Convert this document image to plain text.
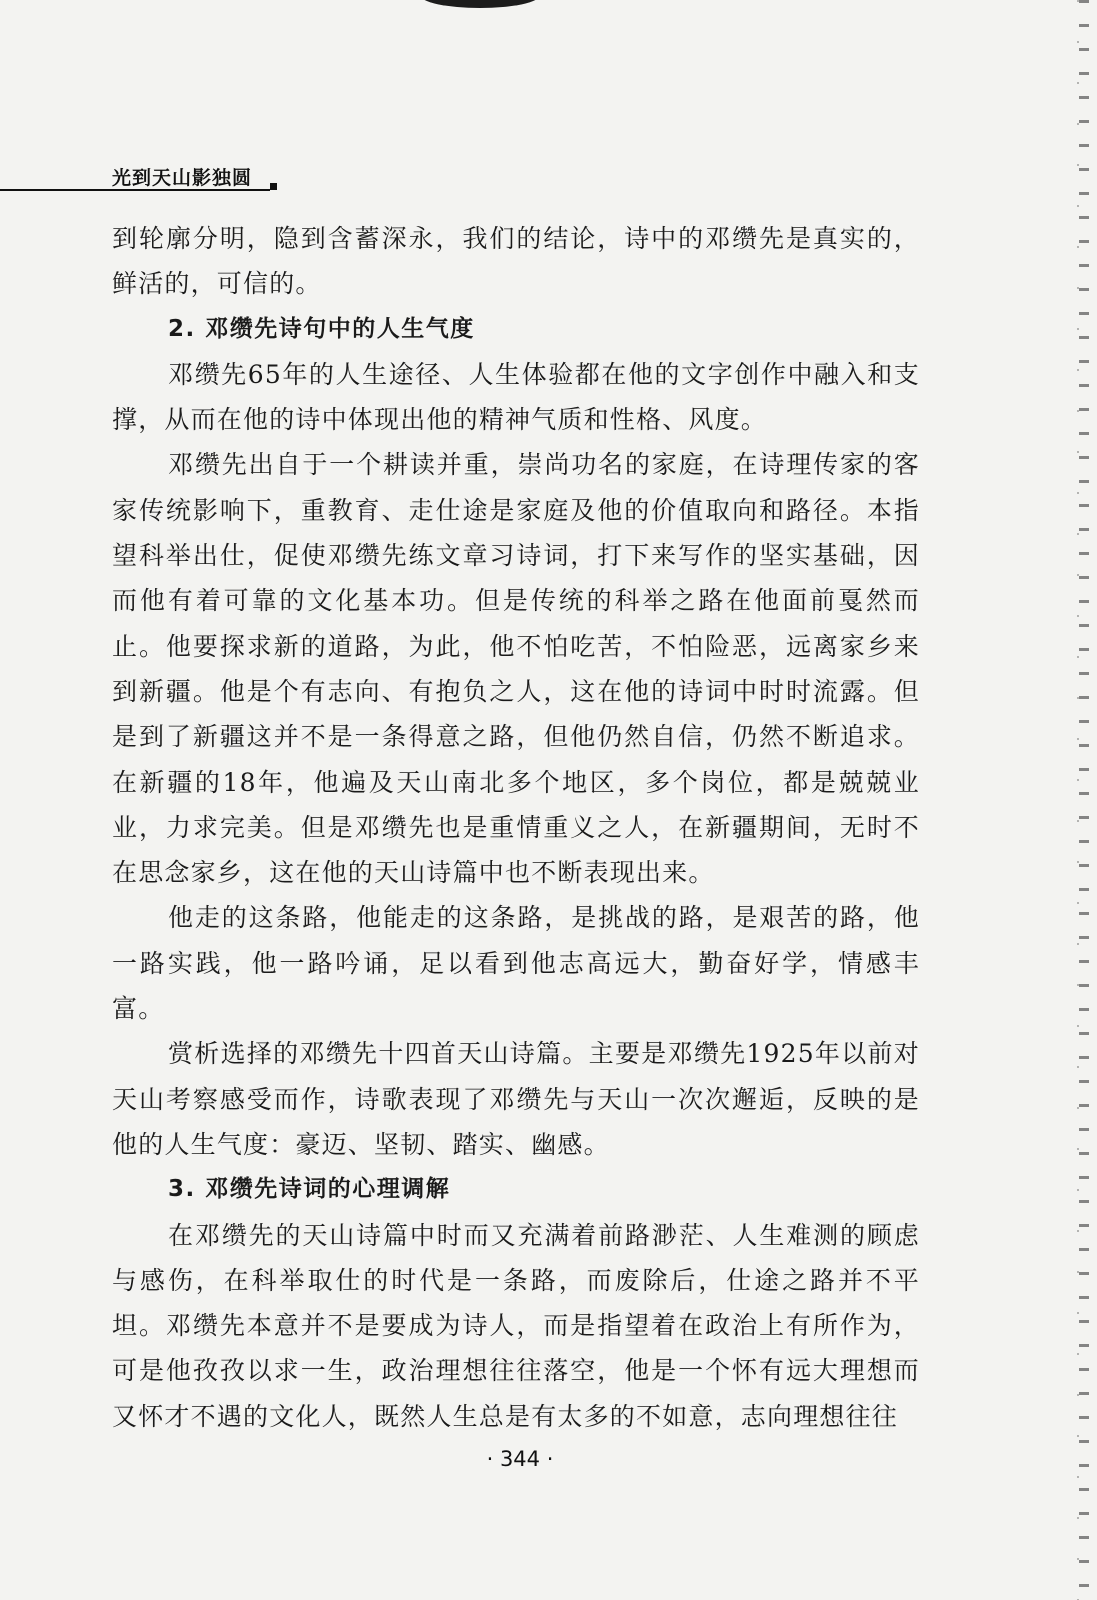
光到天山影独圆

到轮廓分明，隐到含蓄深永，我们的结论，诗中的邓缵先是真实的，鲜活的，可信的。

2. 邓缵先诗句中的人生气度

邓缵先65年的人生途径、人生体验都在他的文字创作中融入和支撑，从而在他的诗中体现出他的精神气质和性格、风度。

邓缵先出自于一个耕读并重，崇尚功名的家庭，在诗理传家的客家传统影响下，重教育、走仕途是家庭及他的价值取向和路径。本指望科举出仕，促使邓缵先练文章习诗词，打下来写作的坚实基础，因而他有着可靠的文化基本功。但是传统的科举之路在他面前戛然而止。他要探求新的道路，为此，他不怕吃苦，不怕险恶，远离家乡来到新疆。他是个有志向、有抱负之人，这在他的诗词中时时流露。但是到了新疆这并不是一条得意之路，但他仍然自信，仍然不断追求。在新疆的18年，他遍及天山南北多个地区，多个岗位，都是兢兢业业，力求完美。但是邓缵先也是重情重义之人，在新疆期间，无时不在思念家乡，这在他的天山诗篇中也不断表现出来。

他走的这条路，他能走的这条路，是挑战的路，是艰苦的路，他一路实践，他一路吟诵，足以看到他志高远大，勤奋好学，情感丰富。

赏析选择的邓缵先十四首天山诗篇。主要是邓缵先1925年以前对天山考察感受而作，诗歌表现了邓缵先与天山一次次邂逅，反映的是他的人生气度：豪迈、坚韧、踏实、幽感。

3. 邓缵先诗词的心理调解

在邓缵先的天山诗篇中时而又充满着前路渺茫、人生难测的顾虑与感伤，在科举取仕的时代是一条路，而废除后，仕途之路并不平坦。邓缵先本意并不是要成为诗人，而是指望着在政治上有所作为，可是他孜孜以求一生，政治理想往往落空，他是一个怀有远大理想而又怀才不遇的文化人，既然人生总是有太多的不如意，志向理想往往

· 344 ·
